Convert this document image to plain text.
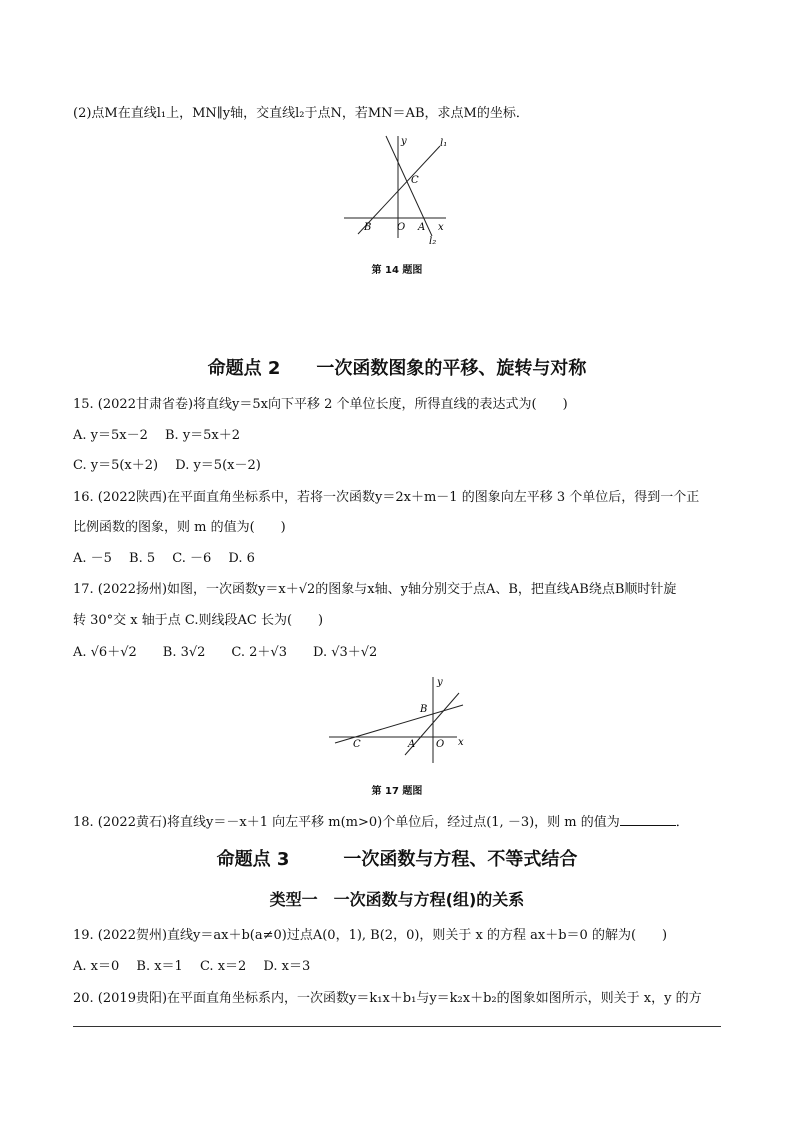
(2)点M在直线l₁上，MN∥y轴，交直线l₂于点N，若MN＝AB，求点M的坐标．
y	l₁
C
B	O A x
l₂
第 14 题图
命题点 2　　一次函数图象的平移、旋转与对称
15. (2022甘肃省卷)将直线y＝5x向下平移 2 个单位长度，所得直线的表达式为(　　)
A. y＝5x－2　 B. y＝5x＋2
C. y＝5(x＋2)　 D. y＝5(x－2)
16. (2022陕西)在平面直角坐标系中，若将一次函数y＝2x＋m－1 的图象向左平移 3 个单位后，得到一个正
比例函数的图象，则 m 的值为(　　)
A. －5　 B. 5　 C. －6　 D. 6
17. (2022扬州)如图，一次函数y＝x＋√2的图象与x轴、y轴分别交于点A、B，把直线AB绕点B顺时针旋
转 30°交 x 轴于点 C.则线段AC 长为(　　)
A. √6＋√2　　B. 3√2　　C. 2＋√3　　D. √3＋√2
y
B
C	A O x
第 17 题图
18. (2022黄石)将直线y＝－x＋1 向左平移 m(m>0)个单位后，经过点(1, －3)，则 m 的值为	．
命题点 3　　　一次函数与方程、不等式结合
类型一　一次函数与方程(组)的关系
19. (2022贺州)直线y＝ax＋b(a≠0)过点A(0，1), B(2，0)，则关于 x 的方程 ax＋b＝0 的解为(　　)
A. x＝0　 B. x＝1　 C. x＝2　 D. x＝3
20. (2019贵阳)在平面直角坐标系内，一次函数y＝k₁x＋b₁与y＝k₂x＋b₂的图象如图所示，则关于 x，y 的方
